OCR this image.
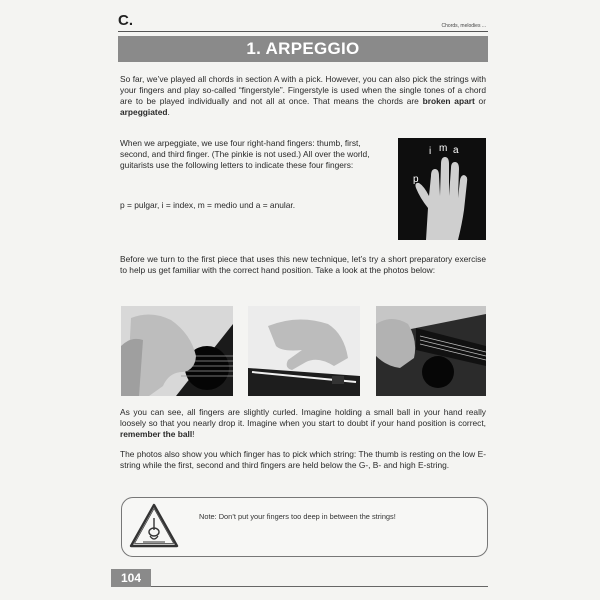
C.	Chords, melodies ...
1. ARPEGGIO
So far, we’ve played all chords in section A with a pick. However, you can also pick the strings with your fingers and play so-called “fingerstyle”. Fingerstyle is used when the single tones of a chord are to be played individually and not all at once. That means the chords are broken apart or arpeggiated.
When we arpeggiate, we use four right-hand fingers: thumb, first, second, and third finger. (The pinkie is not used.) All over the world, guitarists use the following letters to indicate these four fingers:
p = pulgar, i = index, m = medio und a = anular.
p
i m a
Before we turn to the first piece that uses this new technique, let’s try a short preparatory exercise to help us get familiar with the correct hand position. Take a look at the photos below:
As you can see, all fingers are slightly curled. Imagine holding a small ball in your hand really loosely so that you nearly drop it. Imagine when you start to doubt if your hand position is correct, remember the ball!
The photos also show you which finger has to pick which string: The thumb is resting on the low E-string while the first, second and third fingers are held below the G-, B- and high E-string.
Note: Don’t put your fingers too deep in between the strings!
104
